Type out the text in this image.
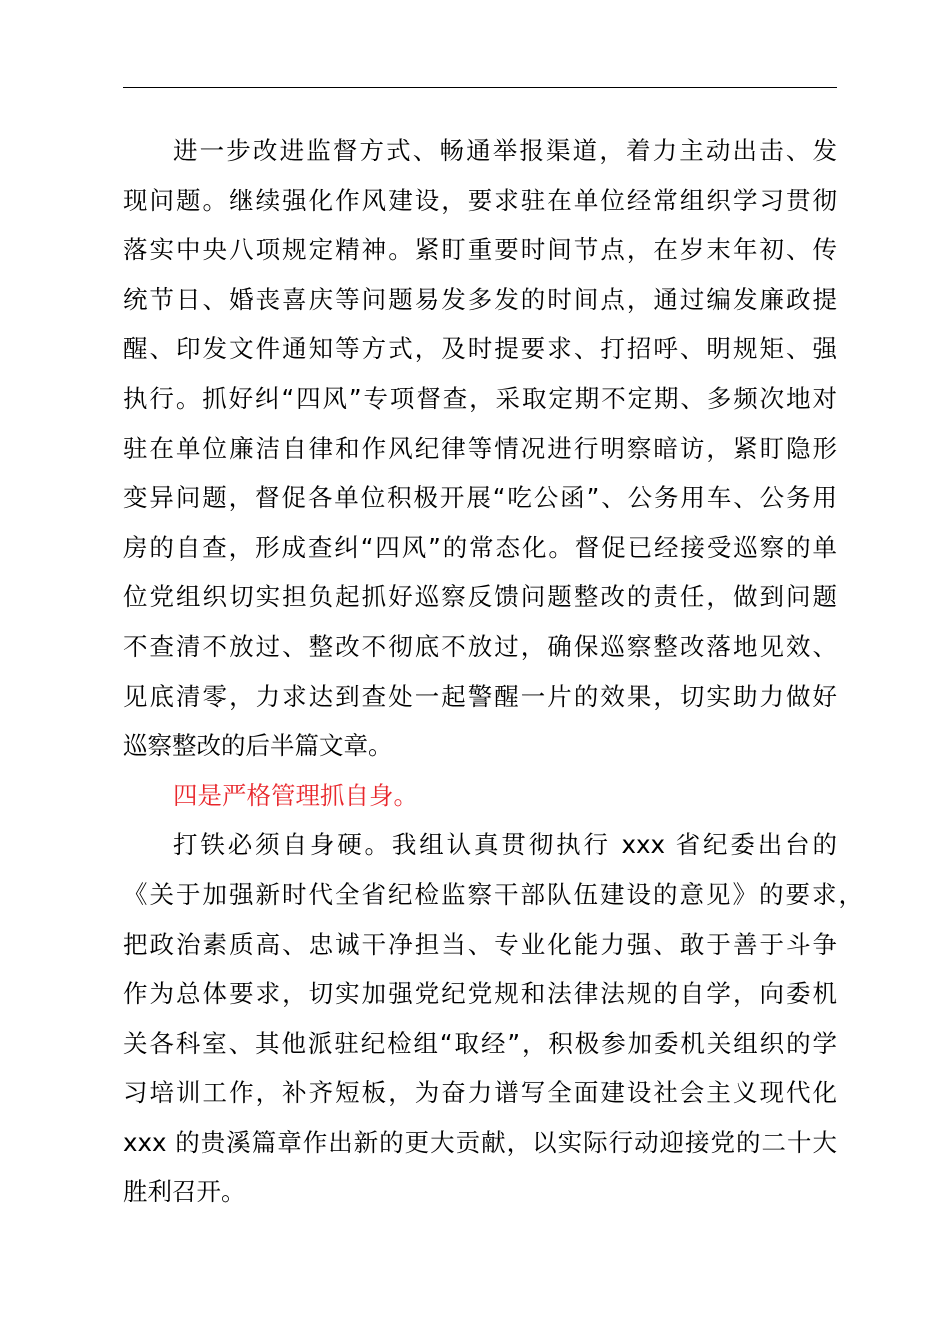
进一步改进监督方式、畅通举报渠道，着力主动出击、发
现问题。继续强化作风建设，要求驻在单位经常组织学习贯彻
落实中央八项规定精神。紧盯重要时间节点，在岁末年初、传
统节日、婚丧喜庆等问题易发多发的时间点，通过编发廉政提
醒、印发文件通知等方式，及时提要求、打招呼、明规矩、强
执行。抓好纠“四风”专项督查，采取定期不定期、多频次地对
驻在单位廉洁自律和作风纪律等情况进行明察暗访，紧盯隐形
变异问题，督促各单位积极开展“吃公函”、公务用车、公务用
房的自查，形成查纠“四风”的常态化。督促已经接受巡察的单
位党组织切实担负起抓好巡察反馈问题整改的责任，做到问题
不查清不放过、整改不彻底不放过，确保巡察整改落地见效、
见底清零，力求达到查处一起警醒一片的效果，切实助力做好
巡察整改的后半篇文章。
四是严格管理抓自身。
打铁必须自身硬。我组认真贯彻执行 xxx 省纪委出台的
《关于加强新时代全省纪检监察干部队伍建设的意见》的要求，
把政治素质高、忠诚干净担当、专业化能力强、敢于善于斗争
作为总体要求，切实加强党纪党规和法律法规的自学，向委机
关各科室、其他派驻纪检组“取经”，积极参加委机关组织的学
习培训工作，补齐短板，为奋力谱写全面建设社会主义现代化
xxx 的贵溪篇章作出新的更大贡献，以实际行动迎接党的二十大
胜利召开。
